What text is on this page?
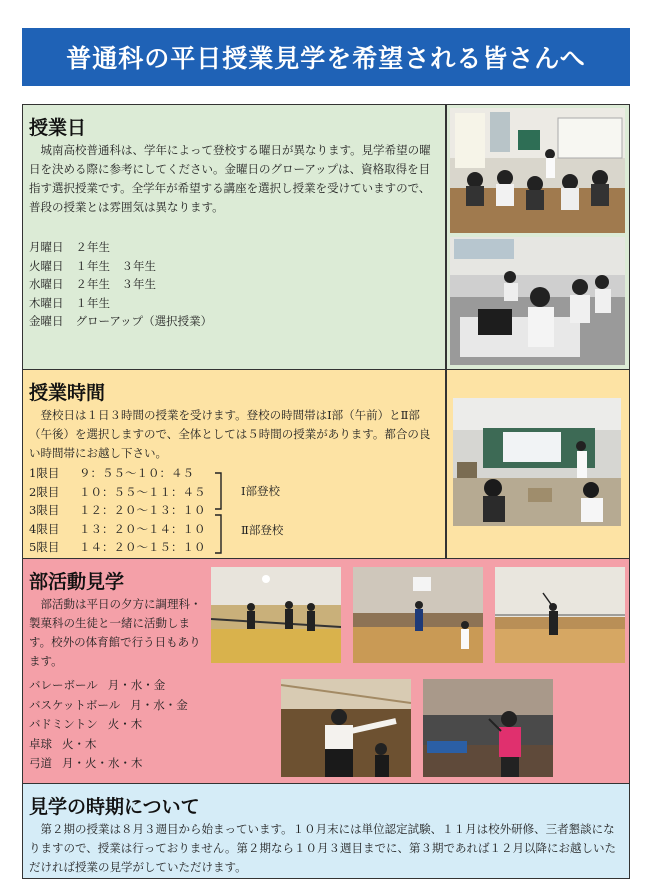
普通科の平日授業見学を希望される皆さんへ
授業日
城南高校普通科は、学年によって登校する曜日が異なります。見学希望の曜日を決める際に参考にしてください。金曜日のグローアップは、資格取得を目指す選択授業です。全学年が希望する講座を選択し授業を受けていますので、普段の授業とは雰囲気は異なります。
月曜日 ２年生
火曜日 １年生　３年生
水曜日 ２年生　３年生
木曜日 １年生
金曜日 グローアップ（選択授業）
授業時間
登校日は１日３時間の授業を受けます。登校の時間帯はⅠ部（午前）とⅡ部（午後）を選択しますので、全体としては５時間の授業があります。都合の良い時間帯にお越し下さい。
1限目 ９：５５～１０：４５
2限目 １０：５５～１１：４５
3限目 １２：２０～１３：１０
4限目 １３：２０～１４：１０
5限目 １４：２０～１５：１０
Ⅰ部登校
Ⅱ部登校
部活動見学
部活動は平日の夕方に調理科・製菓科の生徒と一緒に活動します。校外の体育館で行う日もあります。
バレーボール 月・水・金
バスケットボール 月・水・金
バドミントン 火・木
卓球 火・木
弓道 月・火・水・木
見学の時期について
第２期の授業は８月３週目から始まっています。１０月末には単位認定試験、１１月は校外研修、三者懇談になりますので、授業は行っておりません。第２期なら１０月３週目までに、第３期であれば１２月以降にお越しいただければ授業の見学がしていただけます。
